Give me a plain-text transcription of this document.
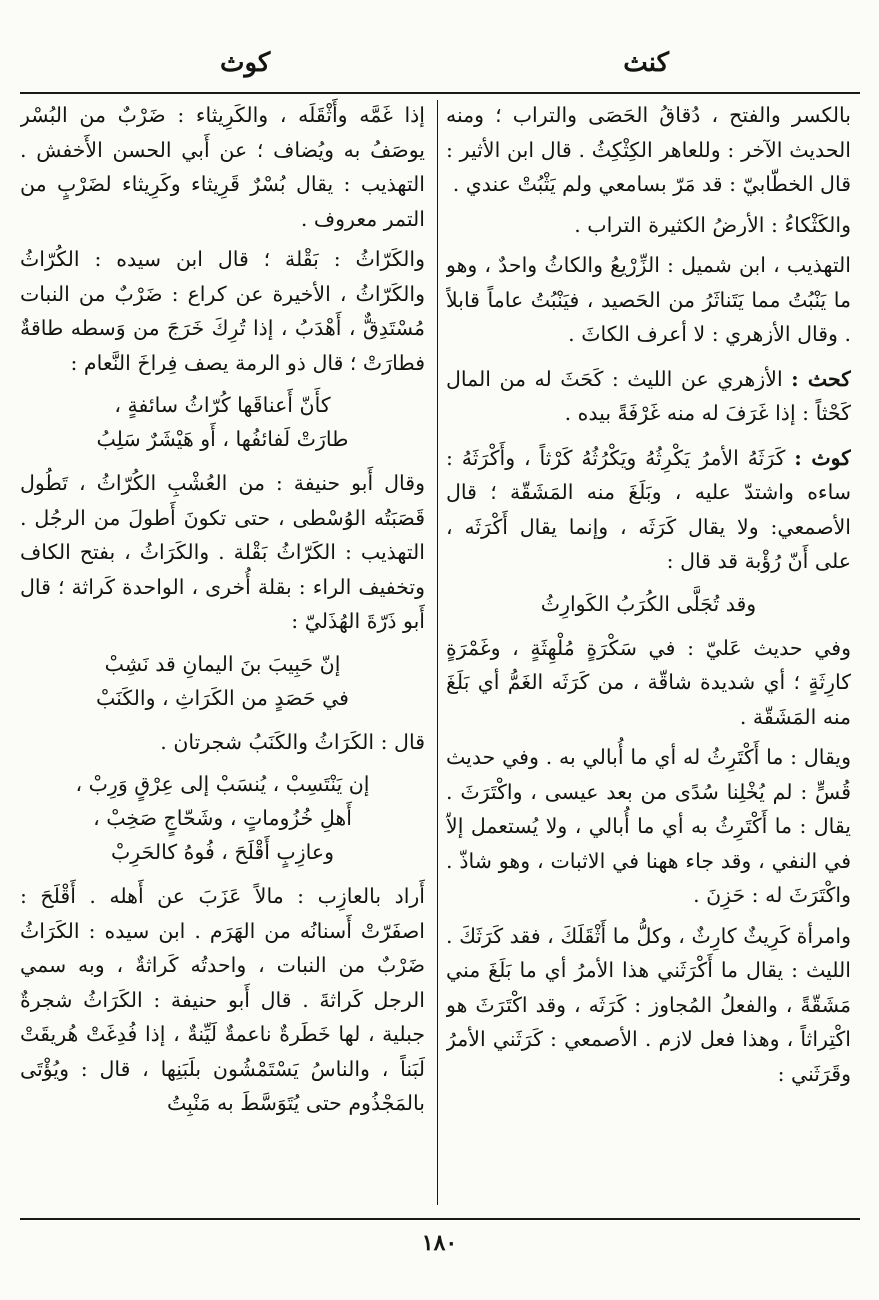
كنث
كوث

بالكسر والفتح ، دُقاقُ الحَصَى والتراب ؛ ومنه الحديث الآخر : وللعاهر الكِثْكِثُ . قال ابن الأثير : قال الخطّابيّ : قد مَرّ بسامعي ولم يَثْبُتْ عندي .

والكَثْكاءُ : الأرضُ الكثيرة التراب .

التهذيب ، ابن شميل : الزِّرْيعُ والكاثُ واحدٌ ، وهو ما يَنْبُتُ مما يَتَناثَرُ من الحَصيد ، فيَنْبُتُ عاماً قابلاً . وقال الأزهري : لا أعرف الكاثَ .

كحث : الأزهري عن الليث : كَحَثَ له من المال كَحْثاً : إذا غَرَفَ له منه غَرْفَةً بيده .

كوث : كَرَثَهُ الأمرُ يَكْرِثُهُ ويَكْرُثُهُ كَرْثاً ، وأَكْرَثَهُ : ساءه واشتدّ عليه ، وبَلَغَ منه المَشَقّة ؛ قال الأصمعي: ولا يقال كَرَثَه ، وإنما يقال أَكْرَثَه ، على أَنّ رُؤْبة قد قال :

وقد تُجَلَّى الكُرَبُ الكَوارِثُ

وفي حديث عَليّ : في سَكْرَةٍ مُلْهِثَةٍ ، وغَمْرَةٍ كارِثَةٍ ؛ أي شديدة شاقّة ، من كَرَثَه الغَمُّ أي بَلَغَ منه المَشَقّة .

ويقال : ما أَكْتَرِثُ له أي ما أُبالي به . وفي حديث قُسٍّ : لم يُخْلِنا سُدًى من بعد عيسى ، واكْتَرَثَ . يقال : ما أَكْتَرِثُ به أي ما أُبالي ، ولا يُستعمل إلاّ في النفي ، وقد جاء ههنا في الاثبات ، وهو شاذّ . واكْتَرَثَ له : حَزِنَ .

وامرأة كَرِيثٌ كارِثٌ ، وكلُّ ما أَثْقَلَكَ ، فقد كَرَثَكَ . الليث : يقال ما أَكْرَثَني هذا الأمرُ أي ما بَلَغَ مني مَشَقّةً ، والفعلُ المُجاوز : كَرَثَه ، وقد اكْتَرَثَ هو اكْتِراثاً ، وهذا فعل لازم . الأصمعي : كَرَثَني الأمرُ وقَرَثَني :

إذا غَمَّه وأَثْقَلَه ، والكَرِيثاء : ضَرْبٌ من البُسْر يوصَفُ به ويُضاف ؛ عن أَبي الحسن الأَخفش . التهذيب : يقال بُسْرٌ قَرِيثاء وكَرِيثاء لضَرْبٍ من التمر معروف .

والكَرّاثُ : بَقْلة ؛ قال ابن سيده : الكُرّاثُ والكَرّاثُ ، الأخيرة عن كراع : ضَرْبٌ من النبات مُسْتَدِقٌّ ، أَهْدَبُ ، إذا تُرِكَ خَرَجَ من وَسطه طاقةٌ فطارَتْ ؛ قال ذو الرمة يصف فِراخَ النَّعام :

كأَنّ أَعناقَها كُرّاثُ سائفةٍ ،
طارَتْ لَفائفُها ، أَو هَيْشَرٌ سَلِبُ

وقال أَبو حنيفة : من العُشْبِ الكُرّاثُ ، تَطُول قَصَبَتُه الوُسْطى ، حتى تكونَ أَطولَ من الرجُل . التهذيب : الكَرّاثُ بَقْلة . والكَرَاثُ ، بفتح الكاف وتخفيف الراء : بقلة أُخرى ، الواحدة كَراثة ؛ قال أَبو ذَرّةَ الهُذَليّ :

إنّ حَبِيبَ بنَ اليمانِ قد نَشِبْ
في حَصَدٍ من الكَرَاثِ ، والكَنَبْ

قال : الكَرَاثُ والكَنَبُ شجرتان .

إن يَنْتَسِبْ ، يُنسَبْ إلى عِرْقٍ وَرِبْ ،
أَهلِ خُزُوماتٍ ، وشَحّاجٍ صَخِبْ ،
وعازِبٍ أَقْلَحَ ، فُوهُ كالحَرِبْ

أَراد بالعازِب : مالاً عَزَبَ عن أَهله . أَقْلَحَ : اصفَرّتْ أَسنانُه من الهَرَم . ابن سيده : الكَرَاثُ ضَرْبٌ من النبات ، واحدتُه كَراثةٌ ، وبه سمي الرجل كَراثةَ . قال أَبو حنيفة : الكَرَاثُ شجرةٌ جبلية ، لها خَطَرةٌ ناعمةٌ لَيِّنةٌ ، إذا فُدِغَتْ هُريقَتْ لَبَناً ، والناسُ يَسْتَمْشُون بلَبَنِها ، قال : ويُؤْتَى بالمَجْذُوم حتى يُتَوَسَّطَ به مَنْبِتُ

١٨٠
